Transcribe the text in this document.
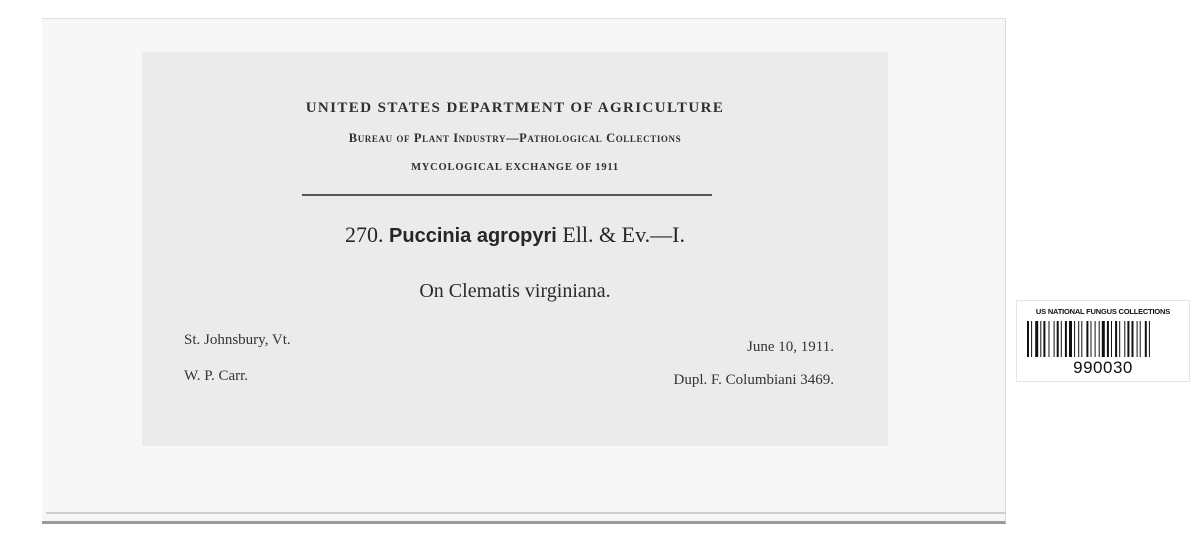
UNITED STATES DEPARTMENT OF AGRICULTURE
Bureau of Plant Industry—Pathological Collections
MYCOLOGICAL EXCHANGE OF 1911
270. Puccinia agropyri Ell. & Ev.—I.
On Clematis virginiana.
St. Johnsbury, Vt.
W. P. Carr.
June 10, 1911.
Dupl. F. Columbiani 3469.
US NATIONAL FUNGUS COLLECTIONS
990030
